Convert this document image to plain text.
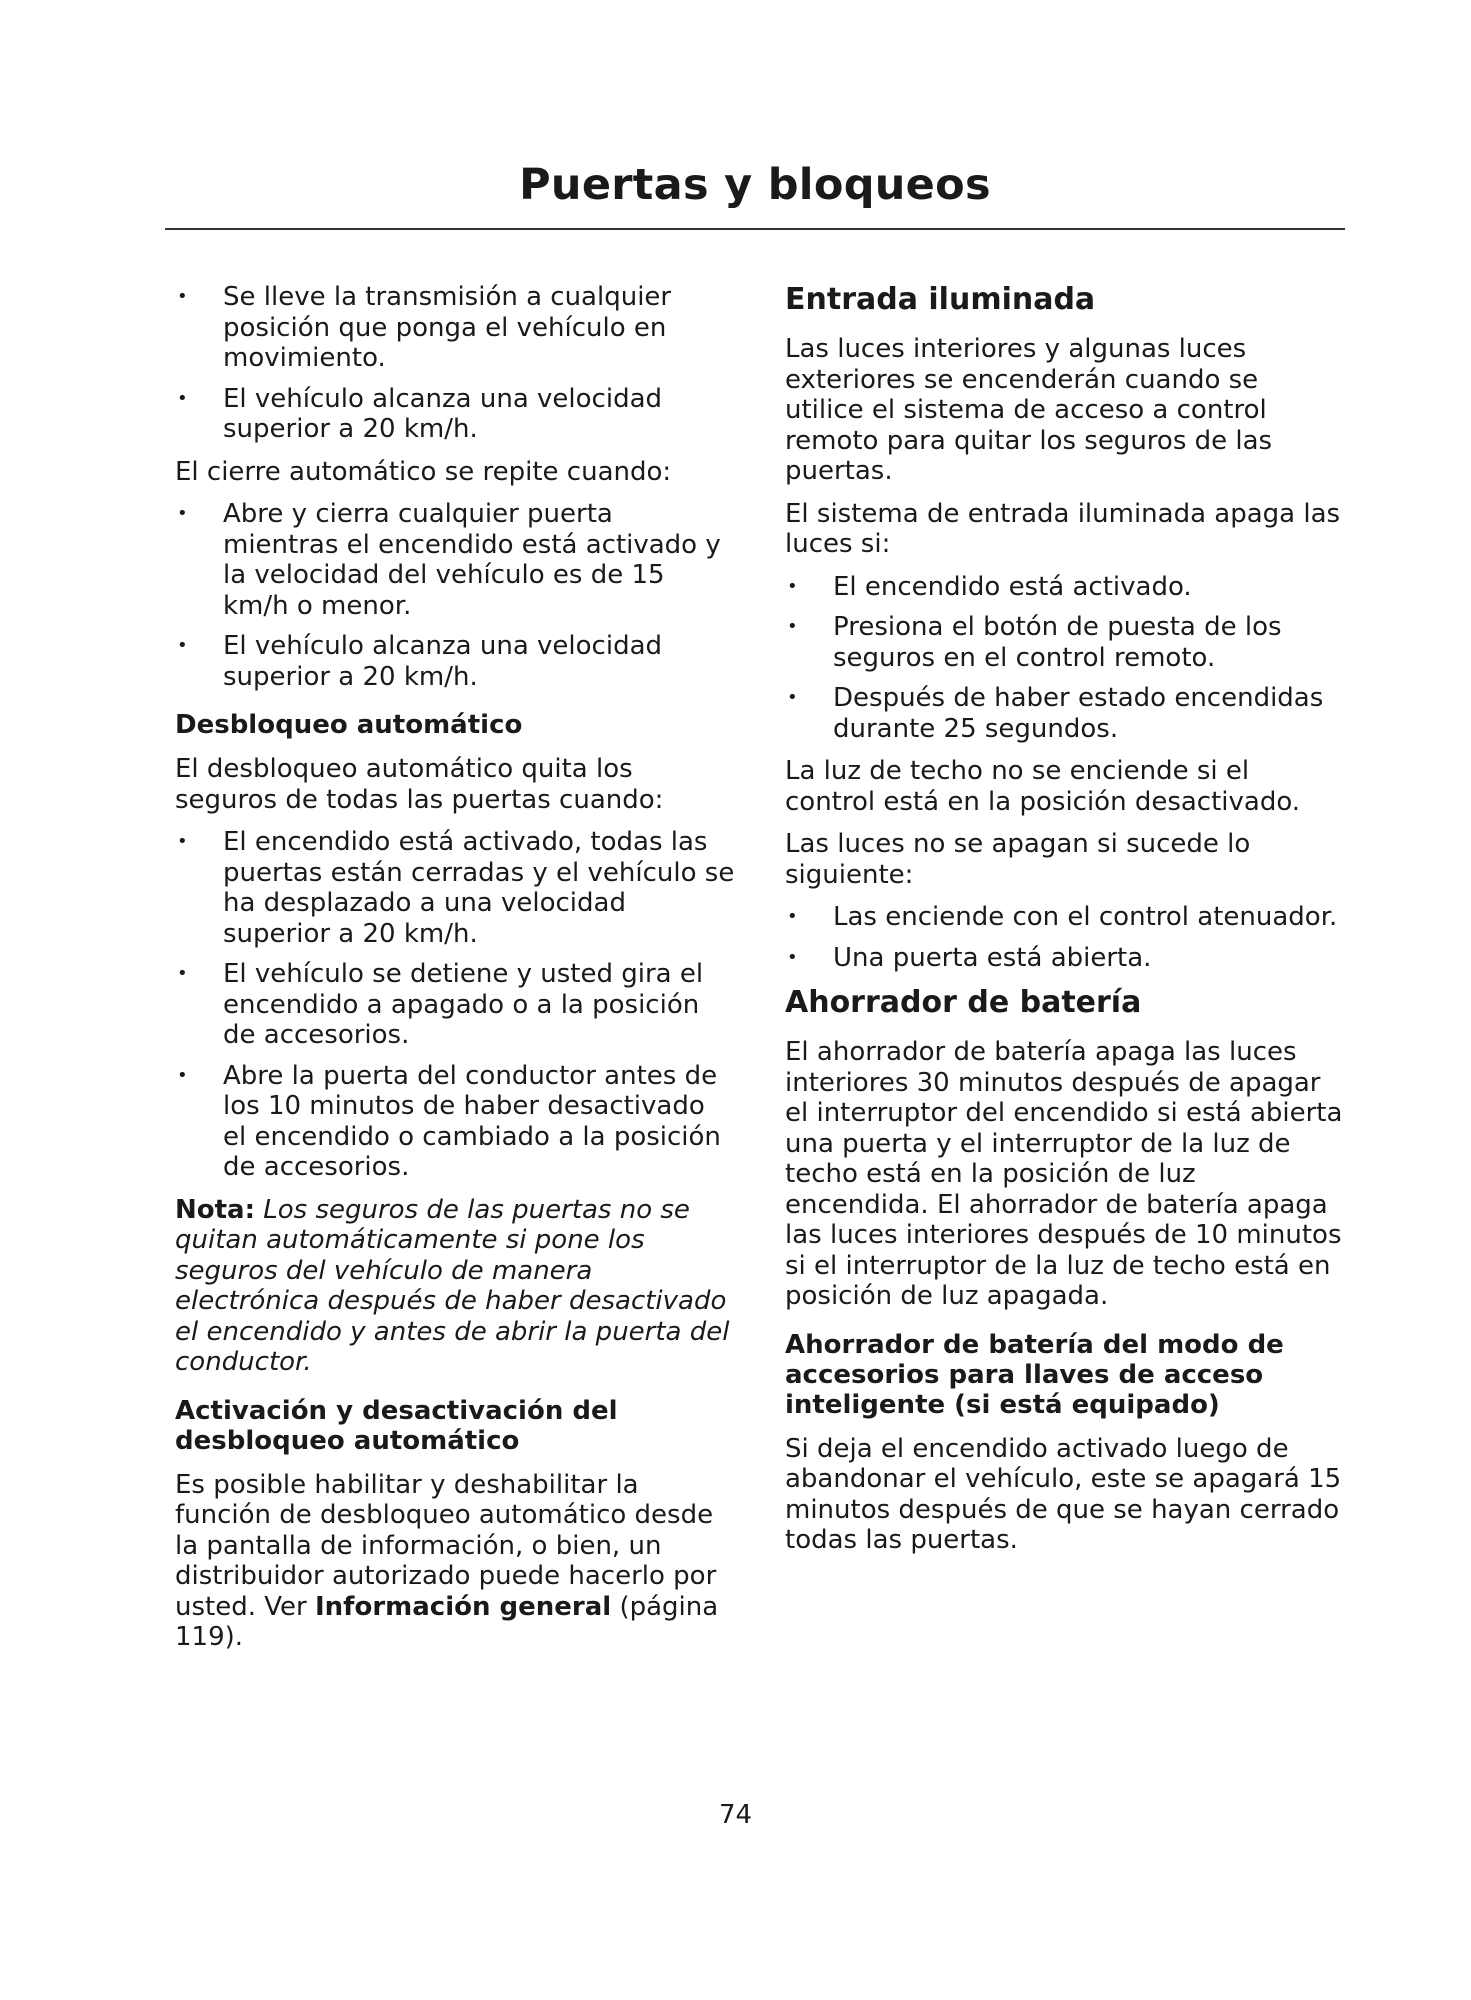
Puertas y bloqueos
• Se lleve la transmisión a cualquier posición que ponga el vehículo en movimiento.
• El vehículo alcanza una velocidad superior a 20 km/h.

El cierre automático se repite cuando:

• Abre y cierra cualquier puerta mientras el encendido está activado y la velocidad del vehículo es de 15 km/h o menor.
• El vehículo alcanza una velocidad superior a 20 km/h.
Desbloqueo automático

El desbloqueo automático quita los seguros de todas las puertas cuando:

• El encendido está activado, todas las puertas están cerradas y el vehículo se ha desplazado a una velocidad superior a 20 km/h.
• El vehículo se detiene y usted gira el encendido a apagado o a la posición de accesorios.
• Abre la puerta del conductor antes de los 10 minutos de haber desactivado el encendido o cambiado a la posición de accesorios.

Nota: Los seguros de las puertas no se quitan automáticamente si pone los seguros del vehículo de manera electrónica después de haber desactivado el encendido y antes de abrir la puerta del conductor.

Activación y desactivación del desbloqueo automático

Es posible habilitar y deshabilitar la función de desbloqueo automático desde la pantalla de información, o bien, un distribuidor autorizado puede hacerlo por usted. Ver Información general (página 119).

Entrada iluminada

Las luces interiores y algunas luces exteriores se encenderán cuando se utilice el sistema de acceso a control remoto para quitar los seguros de las puertas.

El sistema de entrada iluminada apaga las luces si:

• El encendido está activado.
• Presiona el botón de puesta de los seguros en el control remoto.
• Después de haber estado encendidas durante 25 segundos.

La luz de techo no se enciende si el control está en la posición desactivado.

Las luces no se apagan si sucede lo siguiente:

• Las enciende con el control atenuador.
• Una puerta está abierta.
Ahorrador de batería

El ahorrador de batería apaga las luces interiores 30 minutos después de apagar el interruptor del encendido si está abierta una puerta y el interruptor de la luz de techo está en la posición de luz encendida. El ahorrador de batería apaga las luces interiores después de 10 minutos si el interruptor de la luz de techo está en posición de luz apagada.

Ahorrador de batería del modo de accesorios para llaves de acceso inteligente (si está equipado)

Si deja el encendido activado luego de abandonar el vehículo, este se apagará 15 minutos después de que se hayan cerrado todas las puertas.

74
